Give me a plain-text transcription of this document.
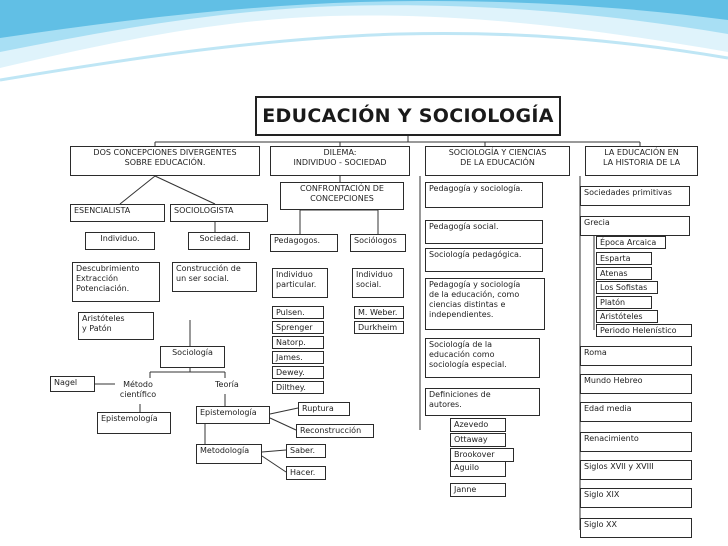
EDUCACIÓN Y SOCIOLOGÍA
DOS CONCEPCIONES DIVERGENTES
SOBRE EDUCACIÓN.
ESENCIALISTA	SOCIOLOGISTA
Individuo.	Sociedad.
Descubrimiento
Extracción
Potenciación.
Construcción de
un ser social.
Aristóteles
y Patón
Sociología
Nagel	Método
científico
Teoría
Epistemología
Epistemología	Ruptura
Reconstrucción
Metodología	Saber.
Hacer.
DILEMA:
INDIVIDUO - SOCIEDAD
CONFRONTACIÓN DE
CONCEPCIONES
Pedagogos.	Sociólogos
Individuo
particular.
Individuo
social.
Pulsen.
Sprenger
Natorp.
James.
Dewey.
Dilthey.
M. Weber.
Durkheim
SOCIOLOGÍA Y CIENCIAS
DE LA EDUCACIÓN
Pedagogía y sociología.
Pedagogía social.
Sociología pedagógica.
Pedagogía y sociología
de la educación, como
ciencias distintas e
independientes.
Sociología de la
educación como
sociología especial.
Definiciones de
autores.
Azevedo
Ottaway
Brookover
Aguilo
Janne
LA EDUCACIÓN EN
LA HISTORIA DE LA
Sociedades primitivas
Grecia
Época Arcaica
Esparta
Atenas
Los Sofistas
Platón
Aristóteles
Periodo Helenístico
Roma
Mundo Hebreo
Edad media
Renacimiento
Siglos XVII y XVIII
Siglo XIX
Siglo XX
